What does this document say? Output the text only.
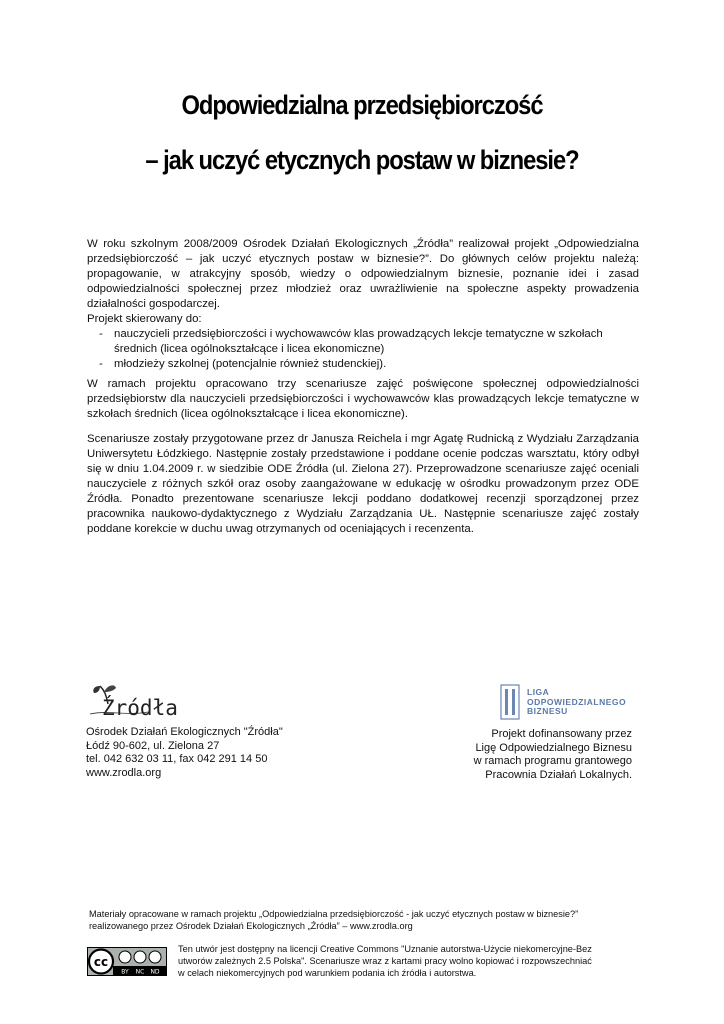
Odpowiedzialna przedsiębiorczość
– jak uczyć etycznych postaw w biznesie?

W roku szkolnym 2008/2009 Ośrodek Działań Ekologicznych „Źródła” realizował projekt „Odpowiedzialna przedsiębiorczość – jak uczyć etycznych postaw w biznesie?”. Do głównych celów projektu należą: propagowanie, w atrakcyjny sposób, wiedzy o odpowiedzialnym biznesie, poznanie idei i zasad odpowiedzialności społecznej przez młodzież oraz uwrażliwienie na społeczne aspekty prowadzenia działalności gospodarczej.

Projekt skierowany do:

- nauczycieli przedsiębiorczości i wychowawców klas prowadzących lekcje tematyczne w szkołach średnich (licea ogólnokształcące i licea ekonomiczne)
- młodzieży szkolnej (potencjalnie również studenckiej).
W ramach projektu opracowano trzy scenariusze zajęć poświęcone społecznej odpowiedzialności przedsiębiorstw dla nauczycieli przedsiębiorczości i wychowawców klas prowadzących lekcje tematyczne w szkołach średnich (licea ogólnokształcące i licea ekonomiczne).
Scenariusze zostały przygotowane przez dr Janusza Reichela i mgr Agatę Rudnicką z Wydziału Zarządzania Uniwersytetu Łódzkiego. Następnie zostały przedstawione i poddane ocenie podczas warsztatu, który odbył się w dniu 1.04.2009 r. w siedzibie ODE Źródła (ul. Zielona 27). Przeprowadzone scenariusze zajęć oceniali nauczyciele z różnych szkół oraz osoby zaangażowane w edukację w ośrodku prowadzonym przez ODE Źródła. Ponadto prezentowane scenariusze lekcji poddano dodatkowej recenzji sporządzonej przez pracownika naukowo-dydaktycznego z Wydziału Zarządzania UŁ. Następnie scenariusze zajęć zostały poddane korekcie w duchu uwag otrzymanych od oceniających i recenzenta.
Źródła
Ośrodek Działań Ekologicznych "Źródła"
Łódź 90-602, ul. Zielona 27
tel. 042 632 03 11, fax 042 291 14 50
www.zrodla.org
LIGA
ODPOWIEDZIALNEGO
BIZNESU
Projekt dofinansowany przez
Ligę Odpowiedzialnego Biznesu
w ramach programu grantowego
Pracownia Działań Lokalnych.
Materiały opracowane w ramach projektu „Odpowiedzialna przedsiębiorczość - jak uczyć etycznych postaw w biznesie?”
realizowanego przez Ośrodek Działań Ekologicznych „Źródła” – www.zrodla.org
cc
BY NC ND
Ten utwór jest dostępny na licencji Creative Commons "Uznanie autorstwa-Użycie niekomercyjne-Bez
utworów zależnych 2.5 Polska". Scenariusze wraz z kartami pracy wolno kopiować i rozpowszechniać
w celach niekomercyjnych pod warunkiem podania ich źródła i autorstwa.
